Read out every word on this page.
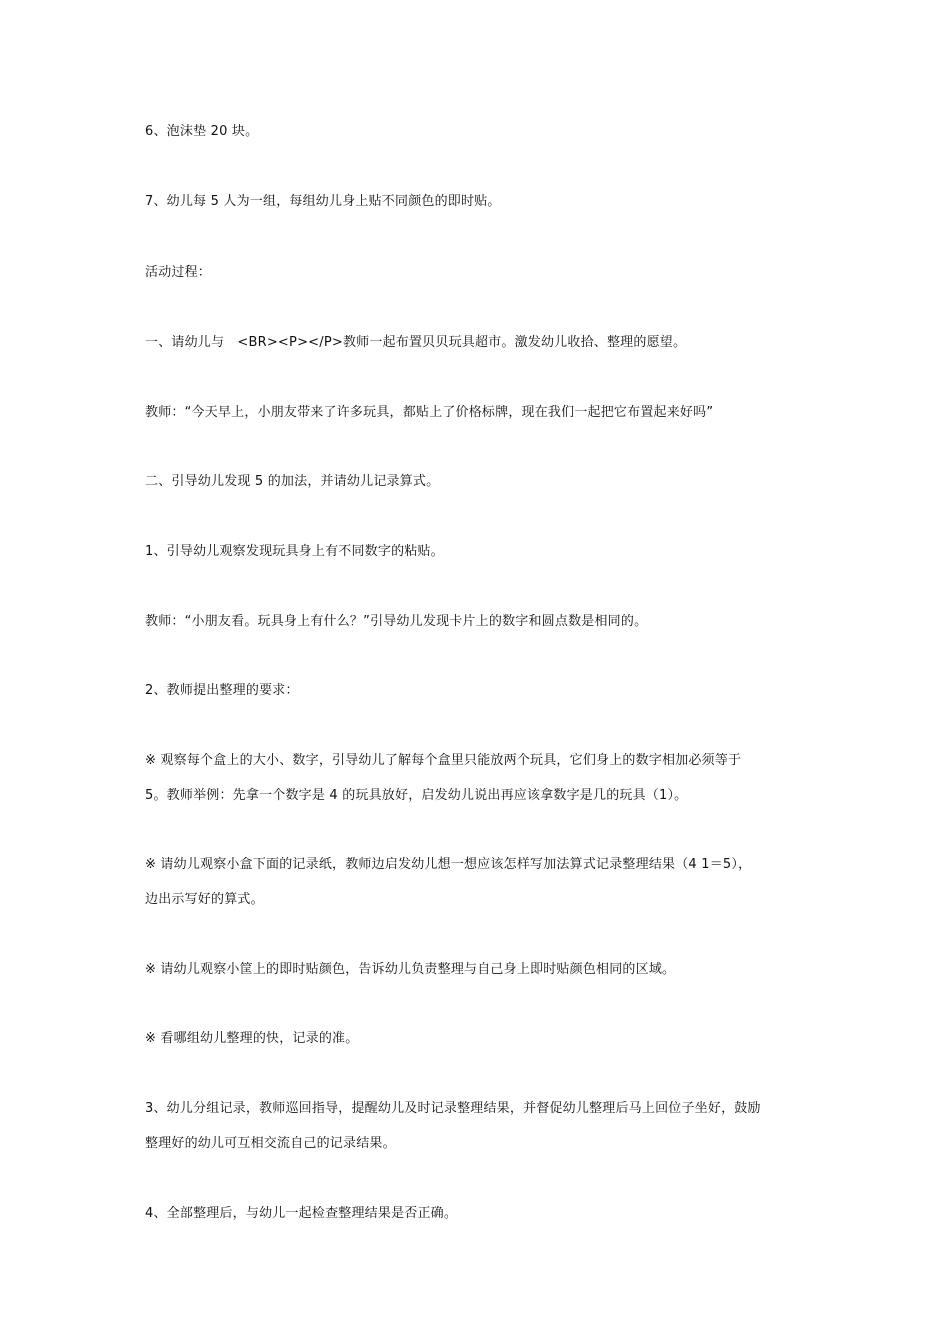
6、泡沫垫 20 块。
7、幼儿每 5 人为一组，每组幼儿身上贴不同颜色的即时贴。
活动过程：
一、请幼儿与　<BR><P></P>教师一起布置贝贝玩具超市。激发幼儿收拾、整理的愿望。
教师：“今天早上，小朋友带来了许多玩具，都贴上了价格标牌，现在我们一起把它布置起来好吗”
二、引导幼儿发现 5 的加法，并请幼儿记录算式。
1、引导幼儿观察发现玩具身上有不同数字的粘贴。
教师：“小朋友看。玩具身上有什么？”引导幼儿发现卡片上的数字和圆点数是相同的。
2、教师提出整理的要求：
※ 观察每个盒上的大小、数字，引导幼儿了解每个盒里只能放两个玩具，它们身上的数字相加必须等于
5。教师举例：先拿一个数字是 4 的玩具放好，启发幼儿说出再应该拿数字是几的玩具（1）。
※ 请幼儿观察小盒下面的记录纸，教师边启发幼儿想一想应该怎样写加法算式记录整理结果（4 1＝5），
边出示写好的算式。
※ 请幼儿观察小筐上的即时贴颜色，告诉幼儿负责整理与自己身上即时贴颜色相同的区域。
※ 看哪组幼儿整理的快，记录的准。
3、幼儿分组记录，教师巡回指导，提醒幼儿及时记录整理结果，并督促幼儿整理后马上回位子坐好，鼓励
整理好的幼儿可互相交流自己的记录结果。
4、全部整理后，与幼儿一起检查整理结果是否正确。
